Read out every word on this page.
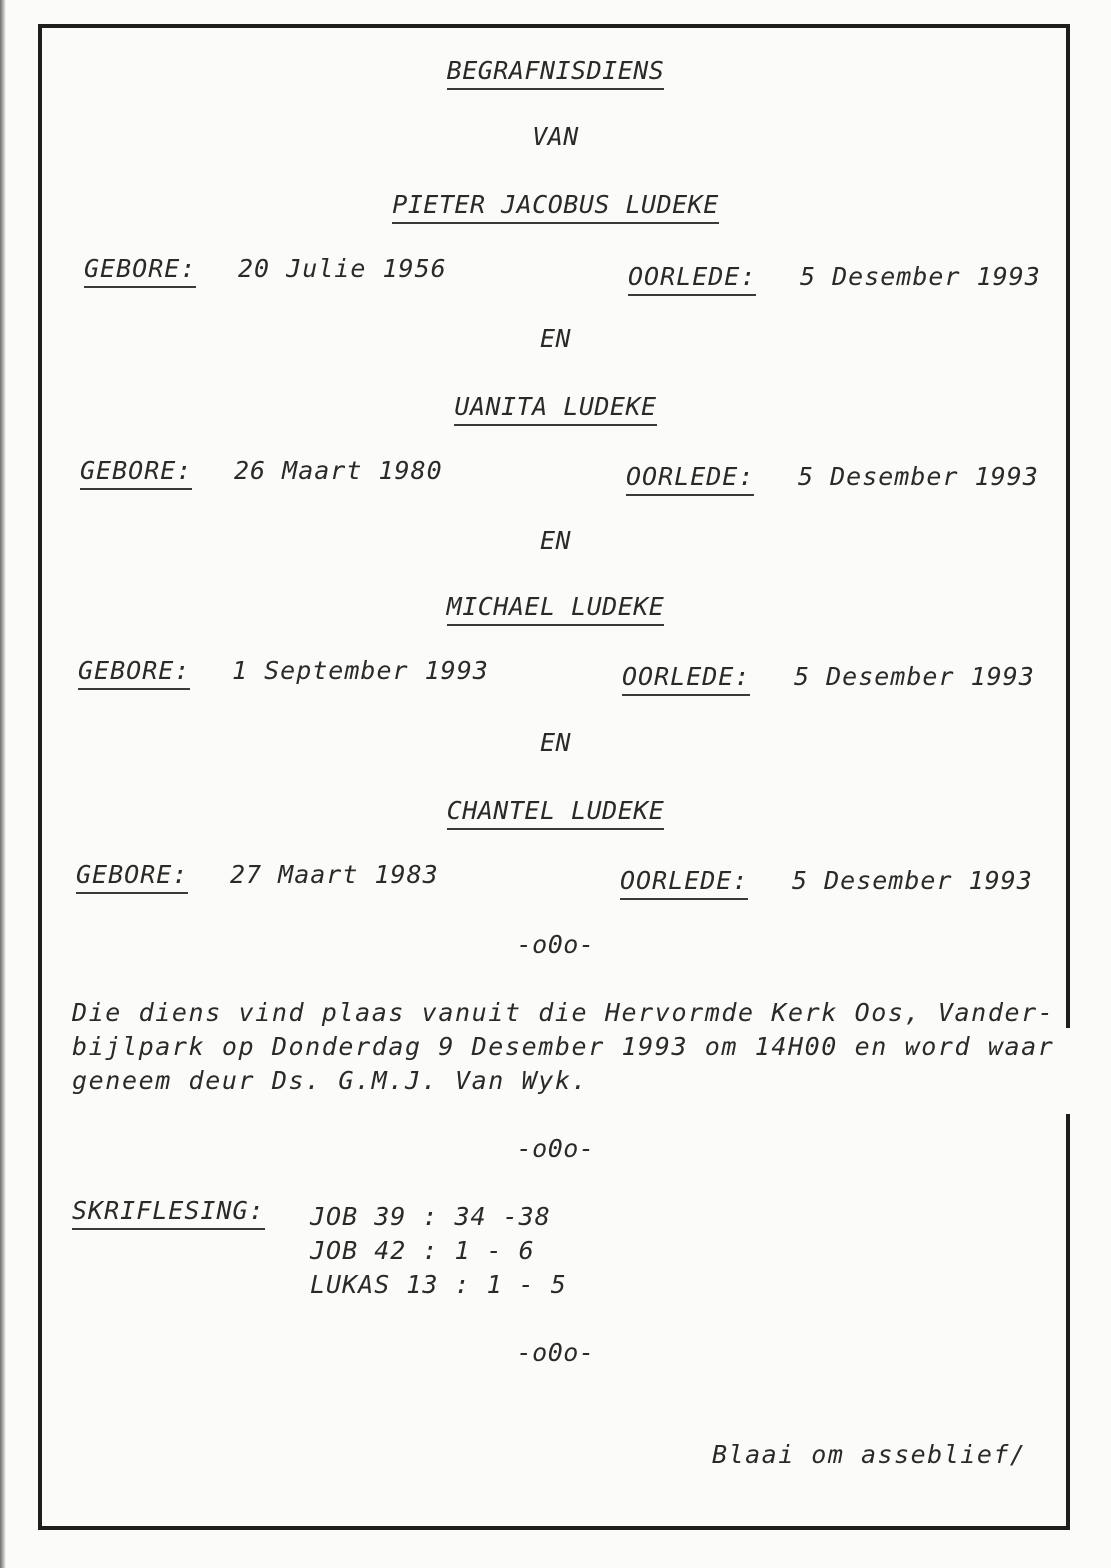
BEGRAFNISDIENS
VAN
PIETER JACOBUS LUDEKE
GEBORE: 20 Julie 1956	OORLEDE: 5 Desember 1993
EN
UANITA LUDEKE
GEBORE: 26 Maart 1980	OORLEDE: 5 Desember 1993
EN
MICHAEL LUDEKE
GEBORE: 1 September 1993	OORLEDE: 5 Desember 1993
EN
CHANTEL LUDEKE
GEBORE: 27 Maart 1983	OORLEDE: 5 Desember 1993
-o0o-
Die diens vind plaas vanuit die Hervormde Kerk Oos, Vander-
bijlpark op Donderdag 9 Desember 1993 om 14H00 en word waar
geneem deur Ds. G.M.J. Van Wyk.
-o0o-
SKRIFLESING: JOB 39 : 34 -38
JOB 42 : 1 - 6
LUKAS 13 : 1 - 5
-o0o-
Blaai om asseblief/
